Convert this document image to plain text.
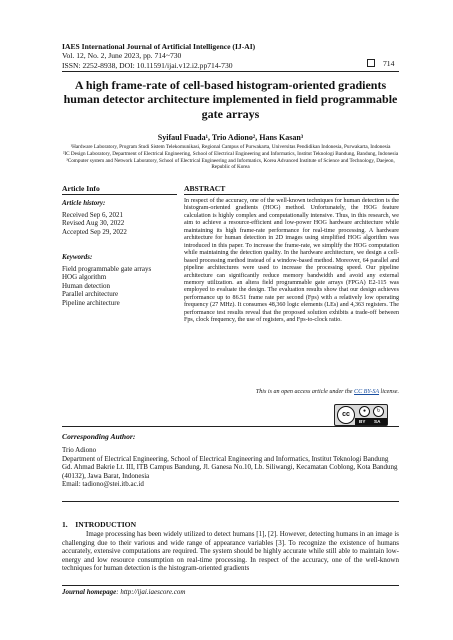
IAES International Journal of Artificial Intelligence (IJ-AI)
Vol. 12, No. 2, June 2023, pp. 714~730
ISSN: 2252-8938, DOI: 10.11591/ijai.v12.i2.pp714-730	714
A high frame-rate of cell-based histogram-oriented gradients human detector architecture implemented in field programmable gate arrays
Syifaul Fuada¹, Trio Adiono², Hans Kasan³
¹Hardware Laboratory, Program Studi Sistem Telekomunikasi, Regional Campus of Purwakarta, Universitas Pendidikan Indonesia, Purwakarta, Indonesia
²IC Design Laboratory, Department of Electrical Engineering, School of Electrical Engineering and Informatics, Institut Teknologi Bandung, Bandung, Indonesia
³Computer system and Network Laboratory, School of Electrical Engineering and Informatics, Korea Advanced Institute of Science and Technology, Daejeon, Republic of Korea
Article Info	ABSTRACT
Article history:
Received Sep 6, 2021
Revised Aug 30, 2022
Accepted Sep 29, 2022
Keywords:
Field programmable gate arrays
HOG algorithm
Human detection
Parallel architecture
Pipeline architecture
In respect of the accuracy, one of the well-known techniques for human detection is the histogram-oriented gradients (HOG) method. Unfortunately, the HOG feature calculation is highly complex and computationally intensive. Thus, in this research, we aim to achieve a resource-efficient and low-power HOG hardware architecture while maintaining its high frame-rate performance for real-time processing. A hardware architecture for human detection in 2D images using simplified HOG algorithm was introduced in this paper. To increase the frame-rate, we simplify the HOG computation while maintaining the detection quality. In the hardware architecture, we design a cell-based processing method instead of a window-based method. Moreover, 64 parallel and pipeline architectures were used to increase the processing speed. Our pipeline architecture can significantly reduce memory bandwidth and avoid any external memory utilization. an altera field programmable gate arrays (FPGA) E2-115 was employed to evaluate the design. The evaluation results show that our design achieves performance up to 86.51 frame rate per second (Fps) with a relatively low operating frequency (27 MHz). It consumes 48,360 logic elements (LEs) and 4,363 registers. The performance test results reveal that the proposed solution exhibits a trade-off between Fps, clock frequency, the use of registers, and Fps-to-clock ratio.
This is an open access article under the CC BY-SA license.
cc	●	↻
BY SA
Corresponding Author:
Trio Adiono
Department of Electrical Engineering, School of Electrical Engineering and Informatics, Institut Teknologi Bandung
Gd. Ahmad Bakrie Lt. III, ITB Campus Bandung, Jl. Ganesa No.10, Lb. Siliwangi, Kecamatan Coblong, Kota Bandung (40132), Jawa Barat, Indonesia
Email: tadiono@stei.itb.ac.id
1.    INTRODUCTION
Image processing has been widely utilized to detect humans [1], [2]. However, detecting humans in an image is challenging due to their various and wide range of appearance variables [3]. To recognize the existence of humans accurately, extensive computations are required. The system should be highly accurate while still able to maintain low-energy and low resource consumption on real-time processing. In respect of the accuracy, one of the well-known techniques for human detection is the histogram-oriented gradients
Journal homepage: http://ijai.iaescore.com
